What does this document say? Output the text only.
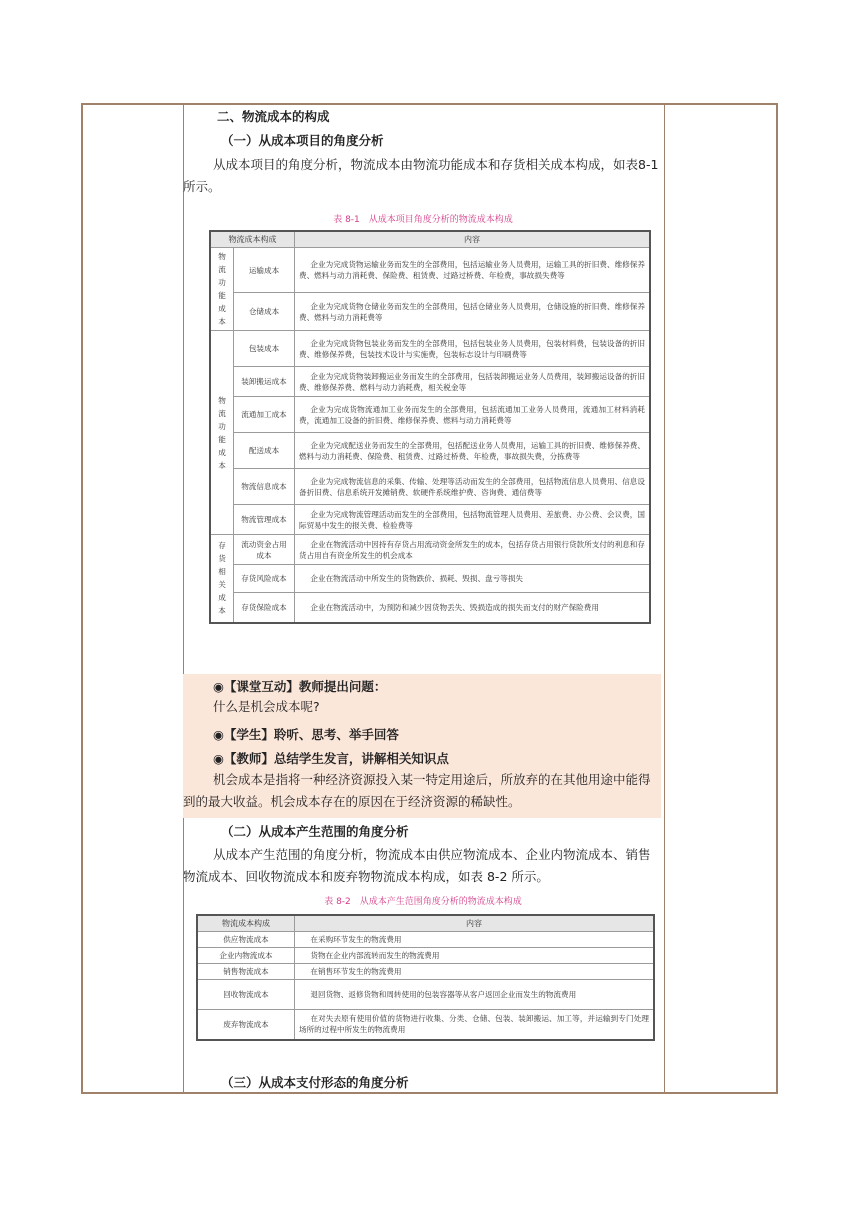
二、物流成本的构成
（一）从成本项目的角度分析
从成本项目的角度分析，物流成本由物流功能成本和存货相关成本构成，如表8-1 所示。
表 8-1　从成本项目角度分析的物流成本构成
物流成本构成		内容
物流功能成本	运输成本	企业为完成货物运输业务而发生的全部费用，包括运输业务人员费用，运输工具的折旧费、维修保养费、燃料与动力消耗费、保险费、租赁费、过路过桥费、年检费，事故损失费等
	仓储成本	企业为完成货物仓储业务而发生的全部费用，包括仓储业务人员费用，仓储设施的折旧费、维修保养费、燃料与动力消耗费等
物流功能成本	包装成本	企业为完成货物包装业务而发生的全部费用，包括包装业务人员费用，包装材料费，包装设备的折旧费、维修保养费，包装技术设计与实施费，包装标志设计与印刷费等
	装卸搬运成本	企业为完成货物装卸搬运业务而发生的全部费用，包括装卸搬运业务人员费用，装卸搬运设备的折旧费、维修保养费、燃料与动力消耗费，相关税金等
	流通加工成本	企业为完成货物流通加工业务而发生的全部费用，包括流通加工业务人员费用，流通加工材料消耗费，流通加工设备的折旧费、维修保养费、燃料与动力消耗费等
	配送成本	企业为完成配送业务而发生的全部费用，包括配送业务人员费用，运输工具的折旧费、维修保养费、燃料与动力消耗费、保险费、租赁费、过路过桥费、年检费，事故损失费，分拣费等
	物流信息成本	企业为完成物流信息的采集、传输、处理等活动而发生的全部费用，包括物流信息人员费用、信息设备折旧费、信息系统开发摊销费、软硬件系统维护费、咨询费、通信费等
	物流管理成本	企业为完成物流管理活动而发生的全部费用，包括物流管理人员费用、差旅费、办公费、会议费，国际贸易中发生的报关费、检验费等
存货相关成本	流动资金占用成本	企业在物流活动中因持有存货占用流动资金所发生的成本，包括存货占用银行贷款所支付的利息和存货占用自有资金所发生的机会成本
	存货风险成本	企业在物流活动中所发生的货物跌价、损耗、毁损、盘亏等损失
	存货保险成本	企业在物流活动中，为预防和减少因货物丢失、毁损造成的损失而支付的财产保险费用
◉【课堂互动】教师提出问题：
什么是机会成本呢?
◉【学生】聆听、思考、举手回答
◉【教师】总结学生发言，讲解相关知识点
机会成本是指将一种经济资源投入某一特定用途后，所放弃的在其他用途中能得到的最大收益。机会成本存在的原因在于经济资源的稀缺性。
（二）从成本产生范围的角度分析
从成本产生范围的角度分析，物流成本由供应物流成本、企业内物流成本、销售物流成本、回收物流成本和废弃物物流成本构成，如表 8-2 所示。
表 8-2　从成本产生范围角度分析的物流成本构成
物流成本构成	内容
供应物流成本	在采购环节发生的物流费用
企业内物流成本	货物在企业内部流转而发生的物流费用
销售物流成本	在销售环节发生的物流费用
回收物流成本	退回货物、返修货物和周转使用的包装容器等从客户返回企业而发生的物流费用
废弃物流成本	在对失去原有使用价值的货物进行收集、分类、仓储、包装、装卸搬运、加工等，并运输到专门处理场所的过程中所发生的物流费用
（三）从成本支付形态的角度分析
